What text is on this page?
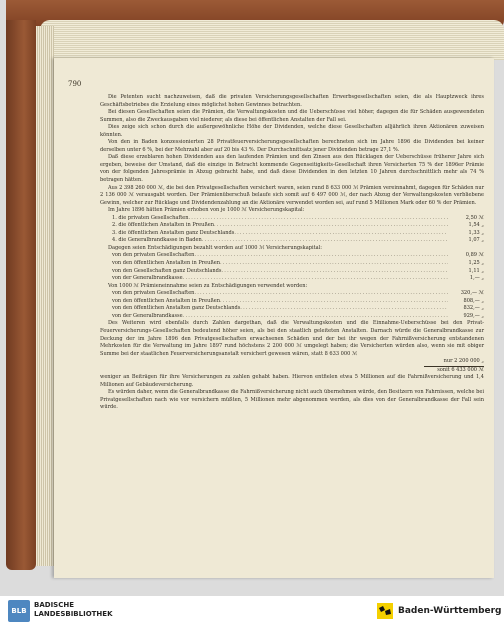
790

Die Petenten sucht nachzuweisen, daß die privaten Versicherungsgesellschaften Erwerbsgesellschaften seien, die als Hauptzweck ihres Geschäftsbetriebes die Erzielung eines möglichst hohen Gewinnes betrachten.

Bei diesen Gesellschaften seien die Prämien, die Verwaltungskosten und die Ueberschüsse viel höher, dagegen die für Schäden ausgewendeten Summen, also die Zweckausgaben viel niederer, als diese bei öffentlichen Anstalten der Fall sei.

Dies zeige sich schon durch die außergewöhnliche Höhe der Dividenden, welche diese Gesellschaften alljährlich ihren Aktionären zuweisen könnten.

Von den in Baden konzessionierten 28 Privatfeuerversicherungsgesellschaften berechneten sich im Jahre 1896 die Dividenden bei keiner derselben unter 6 %, bei der Mehrzahl aber auf 20 bis 43 %. Der Durchschnittsatz jener Dividenden betrage 27,1 %.

Daß diese erzeblaren hohen Dividenden aus den laufenden Prämien und den Zinsen aus den Rücklagen der Ueberschüsse früherer Jahre sich ergeben, beweise der Umstand, daß die einzige in Betracht kommende Gegenseitigkeits-Gesellschaft ihren Versicherten 75 % der 1896er Prämie von der folgenden Jahresprämie in Abzug gebracht habe, und daß diese Dividenden in den letzten 10 Jahren durchschnittlich mehr als 74 % betragen hätten.

Aus 2 398 260 000 ℳ, die bei den Privatgesellschaften versichert waren, seien rund 8 633 000 ℳ Prämien vereinnahmt, dagegen für Schäden nur 2 136 000 ℳ verausgabt worden. Der Prämienüberschuß belaufe sich somit auf 6 497 000 ℳ, der nach Abzug der Verwaltungskosten verbliebene Gewinn, welcher zur Rücklage und Dividendenzahlung an die Aktionäre verwendet worden sei, auf rund 5 Millionen Mark oder 60 % der Prämien.

Im Jahre 1896 hätten Prämien erhoben von je 1000 ℳ Versicherungskapital:

1. die privaten Gesellschaften .....	2,50 ℳ
2. die öffentlichen Anstalten in Preußen .....	1,54 „
3. die öffentlichen Anstalten ganz Deutschlands .....	1,33 „
4. die Generalbrandkasse in Baden .....	1,07 „

Dagegen seien Entschädigungen bezahlt worden auf 1000 ℳ Versicherungskapital:

von den privaten Gesellschaften .....	0,89 ℳ
von den öffentlichen Anstalten in Preußen .....	1,25 „
von den Gesellschaften ganz Deutschlands .....	1,11 „
von der Generalbrandkasse .....	1,— „

Von 1000 ℳ Prämieneinnahme seien zu Entschädigungen verwendet worden:

von den privaten Gesellschaften .....	320,— ℳ
von den öffentlichen Anstalten in Preußen .....	808,— „
von den öffentlichen Anstalten ganz Deutschlands .....	832,— „
von der Generalbrandkasse .....	929,— „

Des Weiteren wird ebenfalls durch Zahlen dargethan, daß die Verwaltungskosten und die Einnahme-Ueberschüsse bei den Privat-Feuerversicherungs-Gesellschaften bedeutend höher seien, als bei den staatlich geleiteten Anstalten. Darnach würde die Generalbrandkasse zur Deckung der im Jahre 1896 den Privatgesellschaften erwachsenen Schäden und der bei ihr wegen der Fahrnißversicherung entstandenen Mehrkosten für die Verwaltung im Jahre 1897 rund höchstens 2 200 000 ℳ umgelegt haben; die Versicherten würden also, wenn sie mit obiger Summe bei der staatlichen Feuerversicherungsanstalt versichert gewesen wären, statt 8 633 000 ℳ

nur 2 200 000 „
sonit 6 433 000 ℳ

weniger an Beiträgen für ihre Versicherungen zu zahlen gehabt haben. Hiervon entfielen etwa 5 Millionen auf die Fahrnißversicherung und 1,4 Millionen auf Gebäudeversicherung.

Es würden daher, wenn die Generalbrandkasse die Fahrnißversicherung nicht auch übernehmen würde, den Besitzern von Fahrnissen, welche bei Privatgesellschaften nach wie vor versichern müßten, 5 Millionen mehr abgenommen werden, als dies von der Generalbrandkasse der Fall sein würde.

BLB
BADISCHE
LANDESBIBLIOTHEK	Baden-Württemberg
